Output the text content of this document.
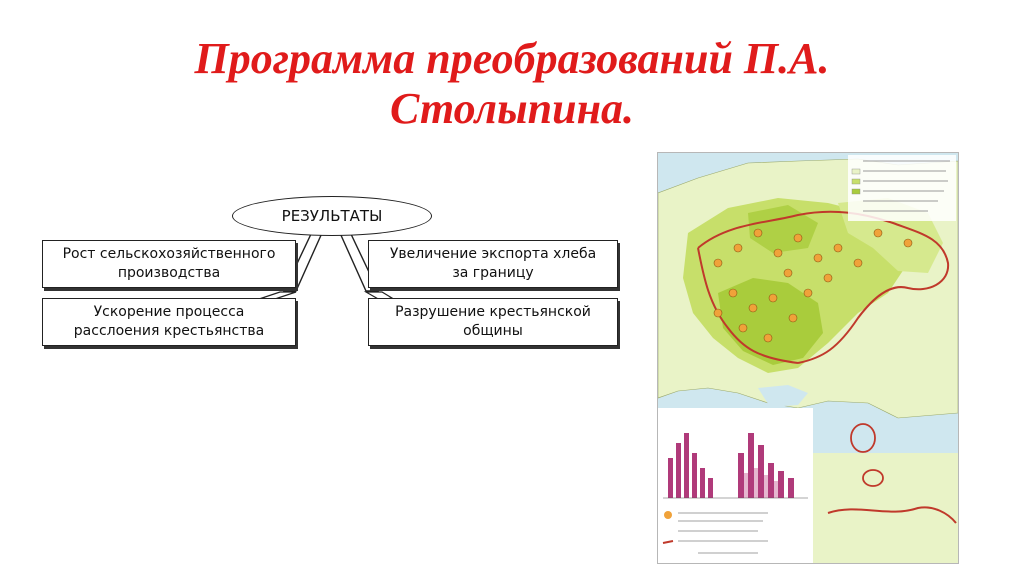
Программа преобразований П.А.
Столыпина.
РЕЗУЛЬТАТЫ
Рост сельскохозяйственного
производства
Увеличение экспорта хлеба
за границу
Ускорение процесса
расслоения крестьянства
Разрушение крестьянской
общины
